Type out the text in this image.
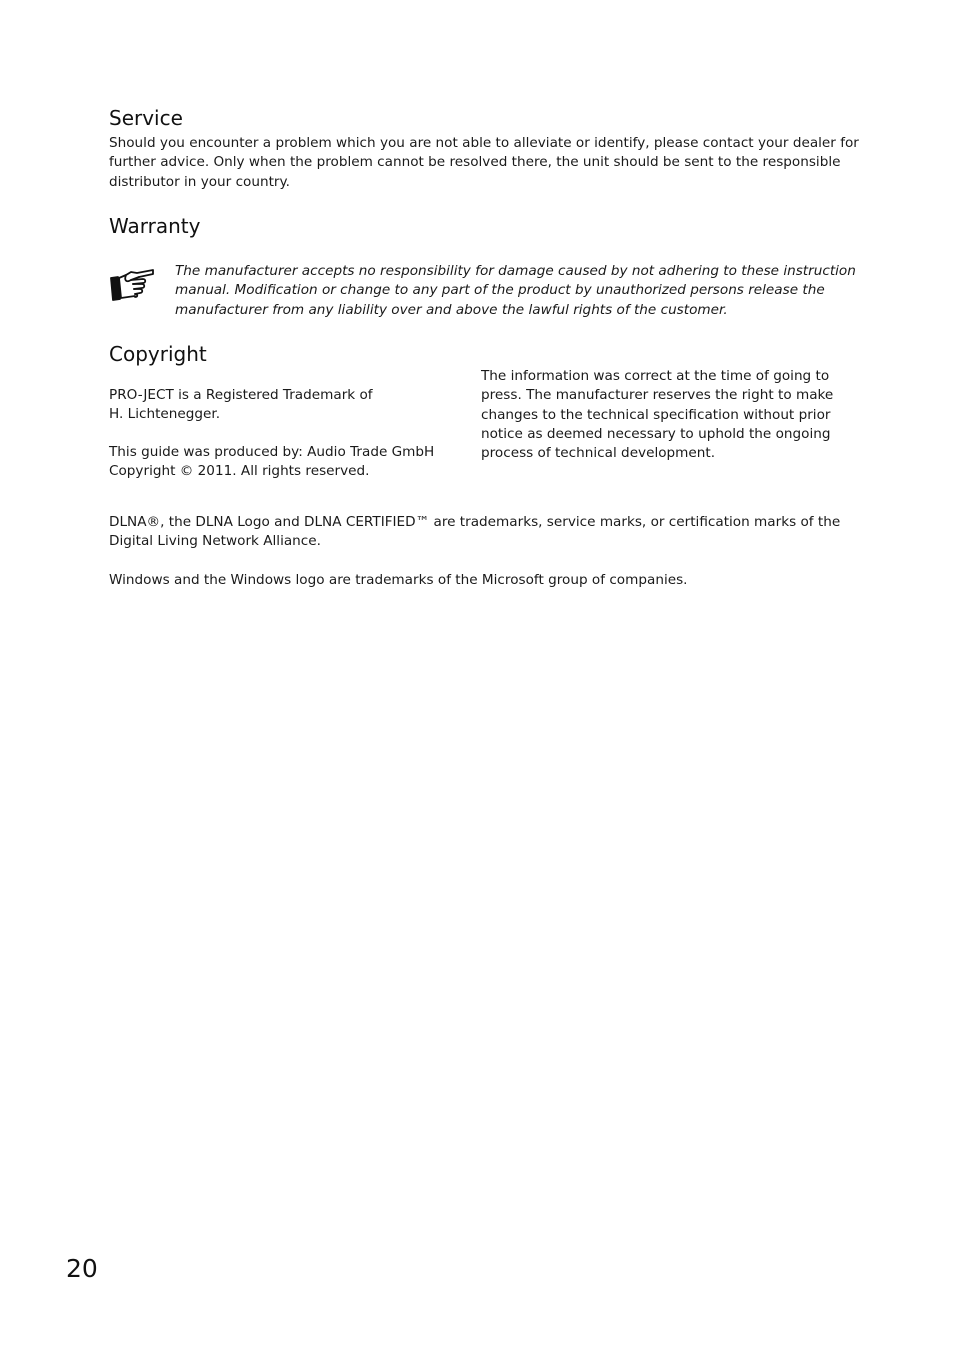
Service

Should you encounter a problem which you are not able to alleviate or identify, please contact your dealer for
further advice. Only when the problem cannot be resolved there, the unit should be sent to the responsible
distributor in your country.

Warranty

The manufacturer accepts no responsibility for damage caused by not adhering to these instruction
manual. Modification or change to any part of the product by unauthorized persons release the
manufacturer from any liability over and above the lawful rights of the customer.

Copyright

PRO-JECT is a Registered Trademark of
H. Lichtenegger.

This guide was produced by: Audio Trade GmbH
Copyright © 2011. All rights reserved.

The information was correct at the time of going to
press. The manufacturer reserves the right to make
changes to the technical specification without prior
notice as deemed necessary to uphold the ongoing
process of technical development.

DLNA®, the DLNA Logo and DLNA CERTIFIED™ are trademarks, service marks, or certification marks of the
Digital Living Network Alliance.

Windows and the Windows logo are trademarks of the Microsoft group of companies.

20
